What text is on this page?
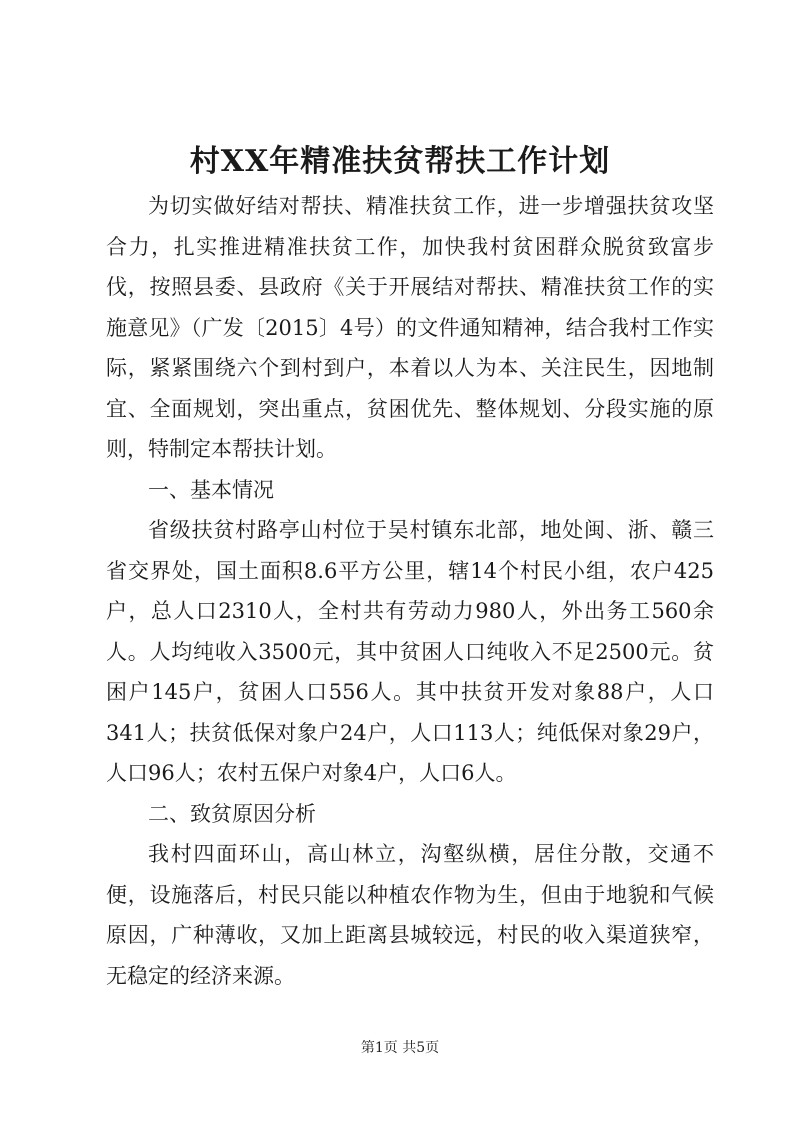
村XX年精准扶贫帮扶工作计划

为切实做好结对帮扶、精准扶贫工作，进一步增强扶贫攻坚合力，扎实推进精准扶贫工作，加快我村贫困群众脱贫致富步伐，按照县委、县政府《关于开展结对帮扶、精准扶贫工作的实施意见》（广发〔2015〕4号）的文件通知精神，结合我村工作实际，紧紧围绕六个到村到户，本着以人为本、关注民生，因地制宜、全面规划，突出重点，贫困优先、整体规划、分段实施的原则，特制定本帮扶计划。

一、基本情况

省级扶贫村路亭山村位于吴村镇东北部，地处闽、浙、赣三省交界处，国土面积8.6平方公里，辖14个村民小组，农户425户，总人口2310人，全村共有劳动力980人，外出务工560余人。人均纯收入3500元，其中贫困人口纯收入不足2500元。贫困户145户，贫困人口556人。其中扶贫开发对象88户，人口341人；扶贫低保对象户24户，人口113人；纯低保对象29户，人口96人；农村五保户对象4户，人口6人。

二、致贫原因分析

我村四面环山，高山林立，沟壑纵横，居住分散，交通不便，设施落后，村民只能以种植农作物为生，但由于地貌和气候原因，广种薄收，又加上距离县城较远，村民的收入渠道狭窄，无稳定的经济来源。

第1页 共5页
